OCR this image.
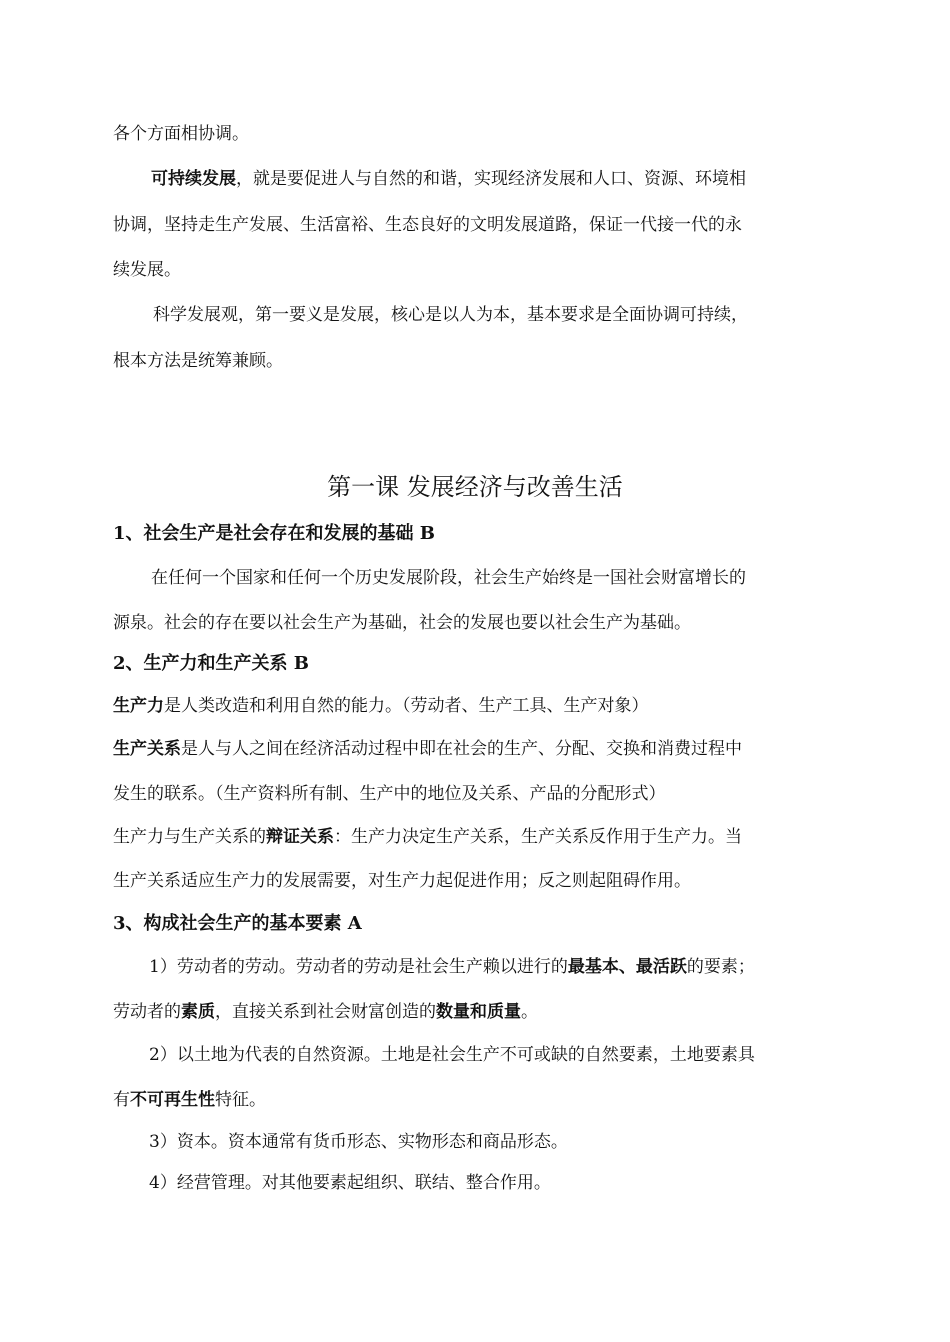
各个方面相协调。
可持续发展，就是要促进人与自然的和谐，实现经济发展和人口、资源、环境相
协调，坚持走生产发展、生活富裕、生态良好的文明发展道路，保证一代接一代的永
续发展。
科学发展观，第一要义是发展，核心是以人为本，基本要求是全面协调可持续，
根本方法是统筹兼顾。
第一课 发展经济与改善生活
1、社会生产是社会存在和发展的基础 B
在任何一个国家和任何一个历史发展阶段，社会生产始终是一国社会财富增长的
源泉。社会的存在要以社会生产为基础，社会的发展也要以社会生产为基础。
2、生产力和生产关系 B
生产力是人类改造和利用自然的能力。（劳动者、生产工具、生产对象）
生产关系是人与人之间在经济活动过程中即在社会的生产、分配、交换和消费过程中
发生的联系。（生产资料所有制、生产中的地位及关系、产品的分配形式）
生产力与生产关系的辩证关系：生产力决定生产关系，生产关系反作用于生产力。当
生产关系适应生产力的发展需要，对生产力起促进作用；反之则起阻碍作用。
3、构成社会生产的基本要素 A
1）劳动者的劳动。劳动者的劳动是社会生产赖以进行的最基本、最活跃的要素；
劳动者的素质，直接关系到社会财富创造的数量和质量。
2）以土地为代表的自然资源。土地是社会生产不可或缺的自然要素，土地要素具
有不可再生性特征。
3）资本。资本通常有货币形态、实物形态和商品形态。
4）经营管理。对其他要素起组织、联结、整合作用。
